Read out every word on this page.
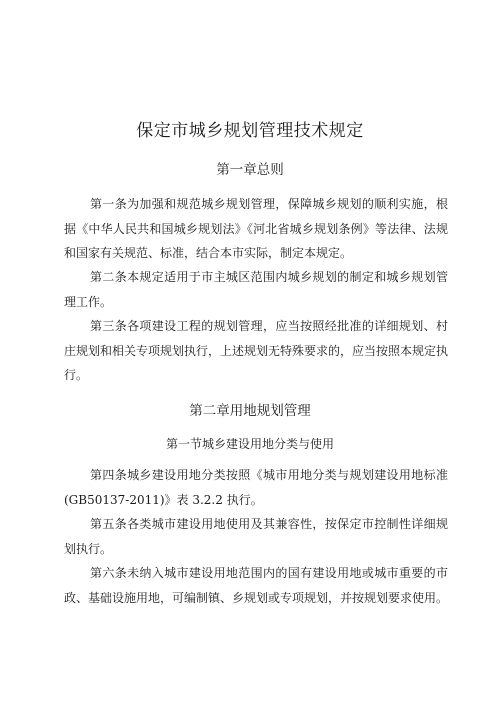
保定市城乡规划管理技术规定
第一章总则

第一条为加强和规范城乡规划管理，保障城乡规划的顺利实施，根据《中华人民共和国城乡规划法》《河北省城乡规划条例》等法律、法规和国家有关规范、标准，结合本市实际，制定本规定。

第二条本规定适用于市主城区范围内城乡规划的制定和城乡规划管理工作。

第三条各项建设工程的规划管理，应当按照经批准的详细规划、村庄规划和相关专项规划执行，上述规划无特殊要求的，应当按照本规定执行。

第二章用地规划管理
第一节城乡建设用地分类与使用

第四条城乡建设用地分类按照《城市用地分类与规划建设用地标准(GB50137-2011)》表 3.2.2 执行。

第五条各类城市建设用地使用及其兼容性，按保定市控制性详细规划执行。

第六条未纳入城市建设用地范围内的国有建设用地或城市重要的市政、基础设施用地，可编制镇、乡规划或专项规划，并按规划要求使用。
